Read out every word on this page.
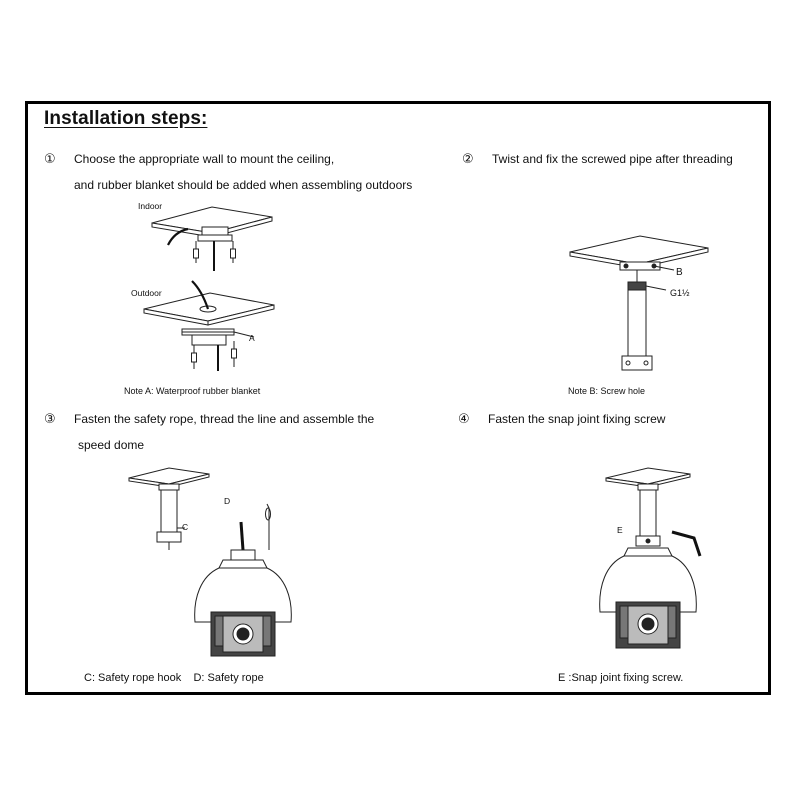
Installation steps:
① Choose the appropriate wall to mount the ceiling,
and rubber blanket should be added when assembling outdoors
② Twist and fix the screwed pipe after threading
③ Fasten the safety rope, thread the line and assemble the
speed dome
④ Fasten the snap joint fixing screw
Indoor
Outdoor
A
Note A: Waterproof rubber blanket
B
G1½
Note B: Screw hole
C
D
C: Safety rope hook    D: Safety rope
E
E :Snap joint fixing screw.
